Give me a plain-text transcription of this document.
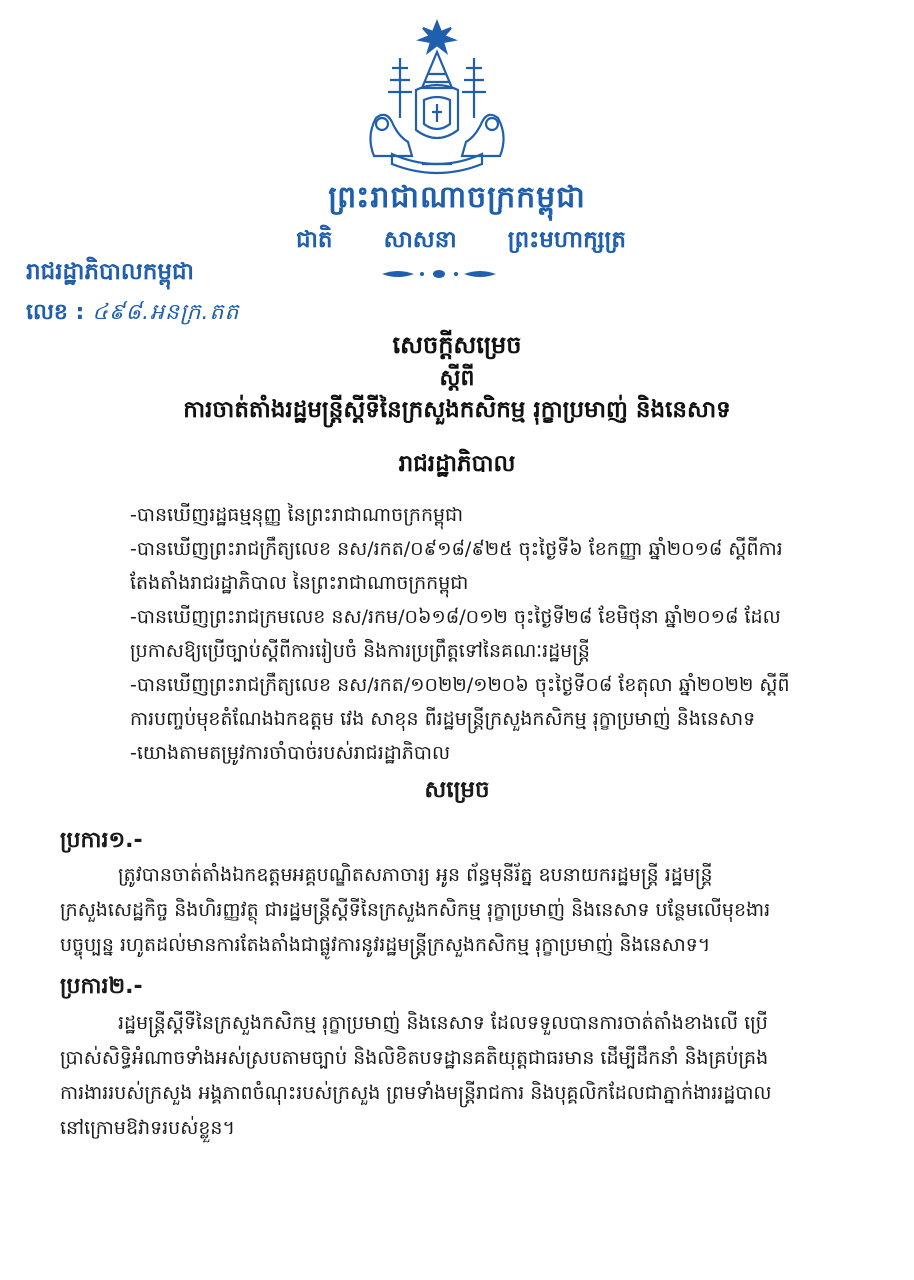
ព្រះរាជាណាចក្រកម្ពុជា
ជាតិ សាសនា ព្រះមហាក្សត្រ
រាជរដ្ឋាភិបាលកម្ពុជា
លេខ : ៤៩៨.អនក្រ.តត
សេចក្តីសម្រេច
ស្តីពី
ការចាត់តាំងរដ្ឋមន្ត្រីស្តីទីនៃក្រសួងកសិកម្ម រុក្ខាប្រមាញ់ និងនេសាទ
រាជរដ្ឋាភិបាល

-បានឃើញរដ្ឋធម្មនុញ្ញ នៃព្រះរាជាណាចក្រកម្ពុជា

-បានឃើញព្រះរាជក្រឹត្យលេខ នស/រកត/០៩១៨/៩២៥ ចុះថ្ងៃទី៦ ខែកញ្ញា ឆ្នាំ២០១៨ ស្តីពីការ

តែងតាំងរាជរដ្ឋាភិបាល នៃព្រះរាជាណាចក្រកម្ពុជា

-បានឃើញព្រះរាជក្រមលេខ នស/រកម/០៦១៨/០១២ ចុះថ្ងៃទី២៨ ខែមិថុនា ឆ្នាំ២០១៨ ដែល

ប្រកាសឱ្យប្រើច្បាប់ស្តីពីការរៀបចំ និងការប្រព្រឹត្តទៅនៃគណៈរដ្ឋមន្ត្រី

-បានឃើញព្រះរាជក្រឹត្យលេខ នស/រកត/១០២២/១២០៦ ចុះថ្ងៃទី០៨ ខែតុលា ឆ្នាំ២០២២ ស្តីពី

ការបញ្ចប់មុខតំណែងឯកឧត្តម វេង សាខុន ពីរដ្ឋមន្ត្រីក្រសួងកសិកម្ម រុក្ខាប្រមាញ់ និងនេសាទ

-យោងតាមតម្រូវការចាំបាច់របស់រាជរដ្ឋាភិបាល

សម្រេច
ប្រការ១.-
ត្រូវបានចាត់តាំងឯកឧត្តមអគ្គបណ្ឌិតសភាចារ្យ អូន ព័ន្ធមុនីរ័ត្ន ឧបនាយករដ្ឋមន្ត្រី រដ្ឋមន្ត្រី
ក្រសួងសេដ្ឋកិច្ច និងហិរញ្ញវត្ថុ ជារដ្ឋមន្ត្រីស្តីទីនៃក្រសួងកសិកម្ម រុក្ខាប្រមាញ់ និងនេសាទ បន្ថែមលើមុខងារ
បច្ចុប្បន្ន រហូតដល់មានការតែងតាំងជាផ្លូវការនូវរដ្ឋមន្ត្រីក្រសួងកសិកម្ម រុក្ខាប្រមាញ់ និងនេសាទ។
ប្រការ២.-
រដ្ឋមន្ត្រីស្តីទីនៃក្រសួងកសិកម្ម រុក្ខាប្រមាញ់ និងនេសាទ ដែលទទួលបានការចាត់តាំងខាងលើ ប្រើ
ប្រាស់សិទ្ធិអំណាចទាំងអស់ស្របតាមច្បាប់ និងលិខិតបទដ្ឋានគតិយុត្តជាធរមាន ដើម្បីដឹកនាំ និងគ្រប់គ្រង
ការងាររបស់ក្រសួង អង្គភាពចំណុះរបស់ក្រសួង ព្រមទាំងមន្ត្រីរាជការ និងបុគ្គលិកដែលជាភ្នាក់ងាររដ្ឋបាល
នៅក្រោមឱវាទរបស់ខ្លួន។
